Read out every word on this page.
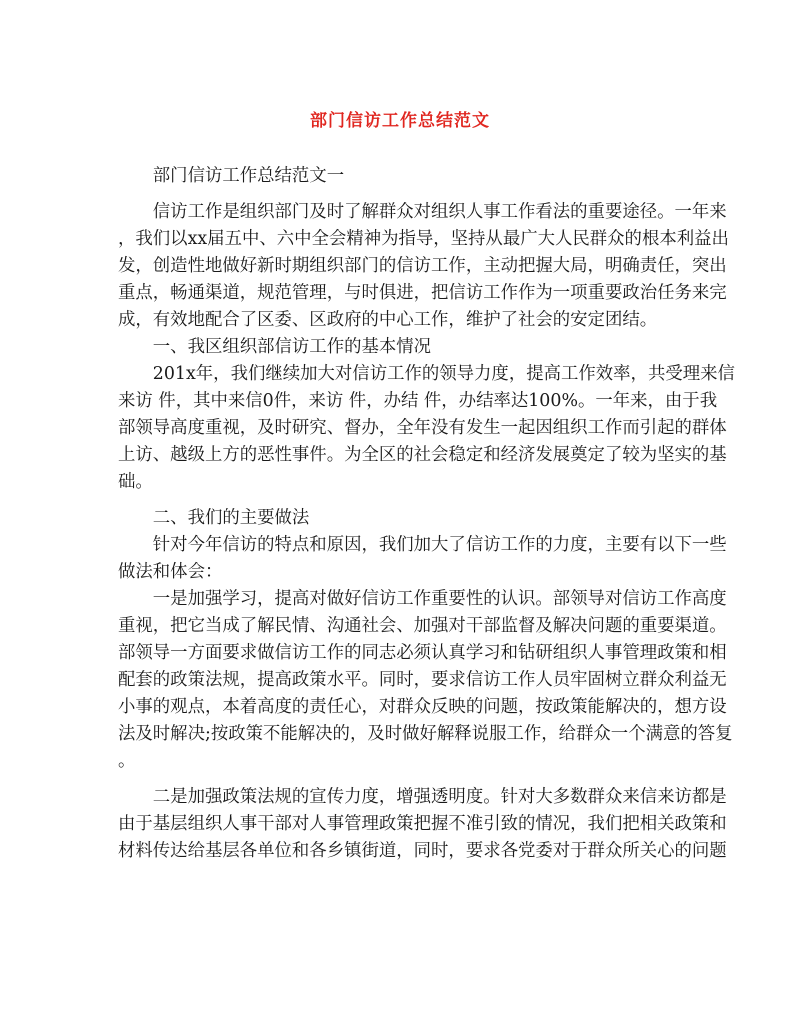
部门信访工作总结范文

　　部门信访工作总结范文一

　　信访工作是组织部门及时了解群众对组织人事工作看法的重要途径。一年来

，我们以xx届五中、六中全会精神为指导，坚持从最广大人民群众的根本利益出

发，创造性地做好新时期组织部门的信访工作，主动把握大局，明确责任，突出

重点，畅通渠道，规范管理，与时俱进，把信访工作作为一项重要政治任务来完

成，有效地配合了区委、区政府的中心工作，维护了社会的安定团结。

　　一、我区组织部信访工作的基本情况

　　201x年，我们继续加大对信访工作的领导力度，提高工作效率，共受理来信

来访 件，其中来信0件，来访 件，办结 件，办结率达100%。一年来，由于我

部领导高度重视，及时研究、督办，全年没有发生一起因组织工作而引起的群体

上访、越级上方的恶性事件。为全区的社会稳定和经济发展奠定了较为坚实的基

础。

　　二、我们的主要做法

　　针对今年信访的特点和原因，我们加大了信访工作的力度，主要有以下一些

做法和体会：

　　一是加强学习，提高对做好信访工作重要性的认识。部领导对信访工作高度

重视，把它当成了解民情、沟通社会、加强对干部监督及解决问题的重要渠道。

部领导一方面要求做信访工作的同志必须认真学习和钻研组织人事管理政策和相

配套的政策法规，提高政策水平。同时，要求信访工作人员牢固树立群众利益无

小事的观点，本着高度的责任心，对群众反映的问题，按政策能解决的，想方设

法及时解决;按政策不能解决的，及时做好解释说服工作，给群众一个满意的答复

。

　　二是加强政策法规的宣传力度，增强透明度。针对大多数群众来信来访都是

由于基层组织人事干部对人事管理政策把握不准引致的情况，我们把相关政策和

材料传达给基层各单位和各乡镇街道，同时，要求各党委对于群众所关心的问题
